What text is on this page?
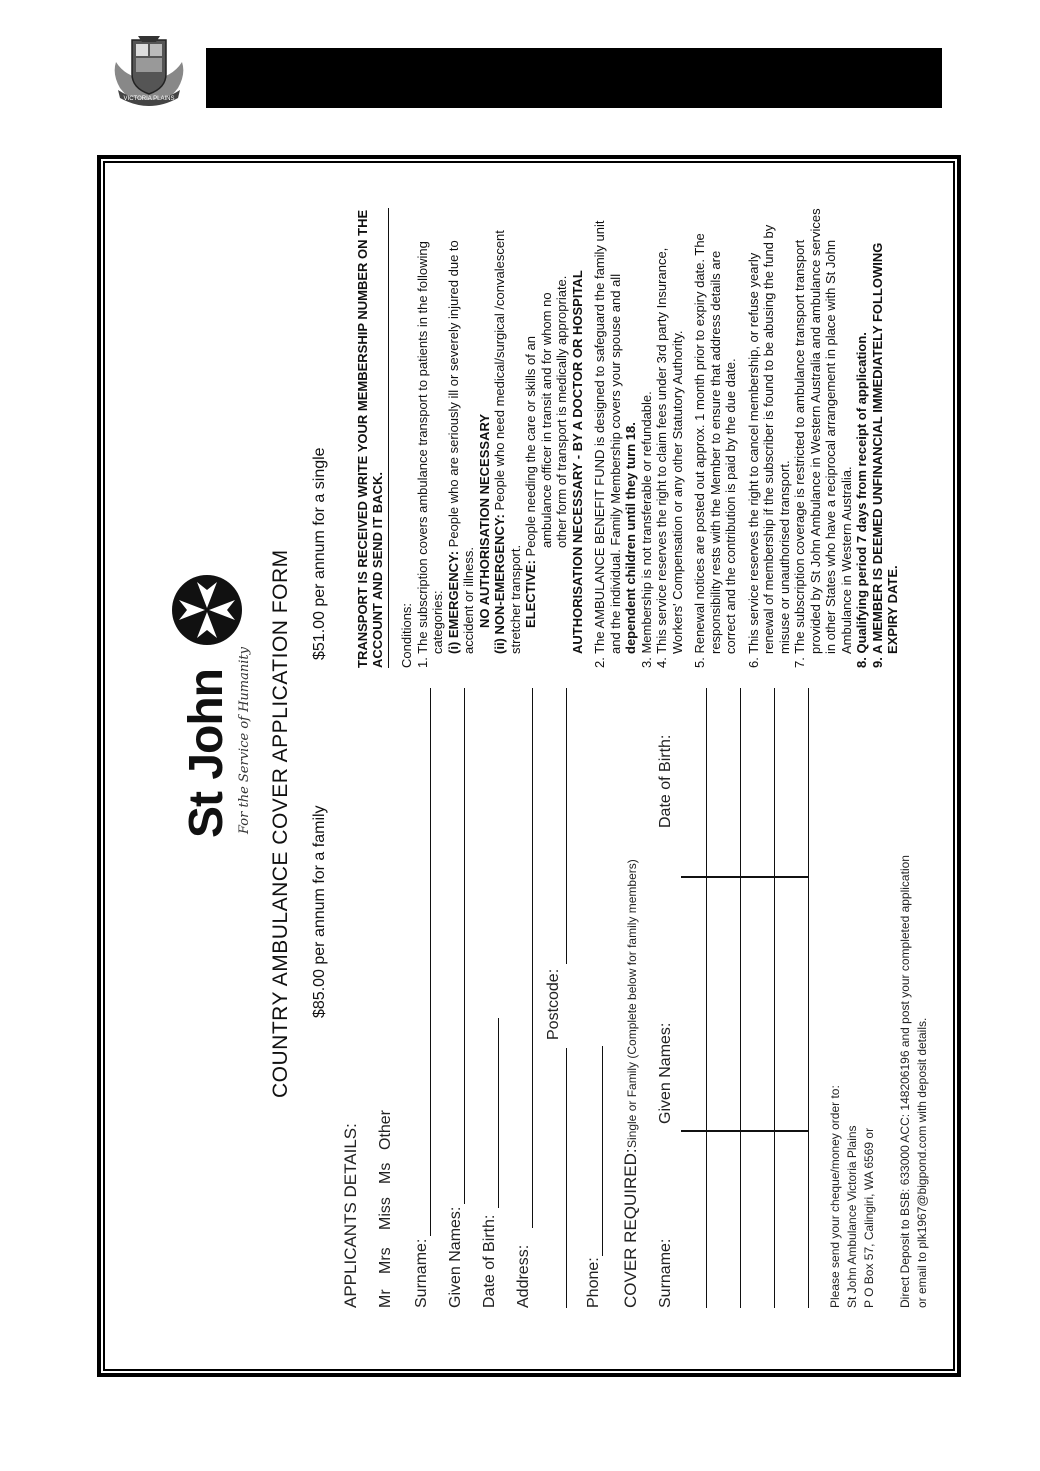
VICTORIA PLAINS
St John For the Service of Humanity COUNTRY AMBULANCE COVER APPLICATION FORM $85.00 per annum for a family
$51.00 per annum for a single
APPLICANTS DETAILS: Mr
Mrs
Miss
Ms
Other
Surname: Given Names: Date of Birth: Address:
Postcode:
Phone: COVER REQUIRED:
Single or Family (Complete below for family members)
Surname:
Given Names:
Date of Birth:
Please send your cheque/money order to: St John Ambulance Victoria Plains P O Box 57, Calingiri, WA 6569 or Direct Deposit to BSB: 633000 ACC: 148206196 and post your completed application or email to plk1967@bigpond.com with deposit details.

TRANSPORT IS RECEIVED WRITE YOUR MEMBERSHIP NUMBER ON THE ACCOUNT AND SEND IT BACK.	Conditions: 1. The subscription covers ambulance transport to patients in the following categories: (i) EMERGENCY: People who are seriously ill or severely injured due to accident or illness. NO AUTHORISATION NECESSARY (ii) NON-EMERGENCY: People who need medical/surgical /convalescent stretcher transport. ELECTIVE: People needing the care or skills of an ambulance officer in transit and for whom no other form of transport is medically appropriate. AUTHORISATION NECESSARY - BY A DOCTOR OR HOSPITAL 2. The AMBULANCE BENEFIT FUND is designed to safeguard the family unit and the individual. Family Membership covers your spouse and all dependent children until they turn 18. 3. Membership is not transferable or refundable. 4. This service reserves the right to claim fees under 3rd party Insurance, Workers' Compensation or any other Statutory Authority. 5. Renewal notices are posted out approx. 1 month prior to expiry date. The responsibility rests with the Member to ensure that address details are correct and the contribution is paid by the due date. 6. This service reserves the right to cancel membership, or refuse yearly renewal of membership if the subscriber is found to be abusing the fund by misuse or unauthorised transport. 7. The subscription coverage is restricted to ambulance transport transport provided by St John Ambulance in Western Australia and ambulance services in other States who have a reciprocal arrangement in place with St John Ambulance in Western Australia. 8. Qualifying period 7 days from receipt of application. 9. A MEMBER IS DEEMED UNFINANCIAL IMMEDIATELY FOLLOWING EXPIRY DATE.
